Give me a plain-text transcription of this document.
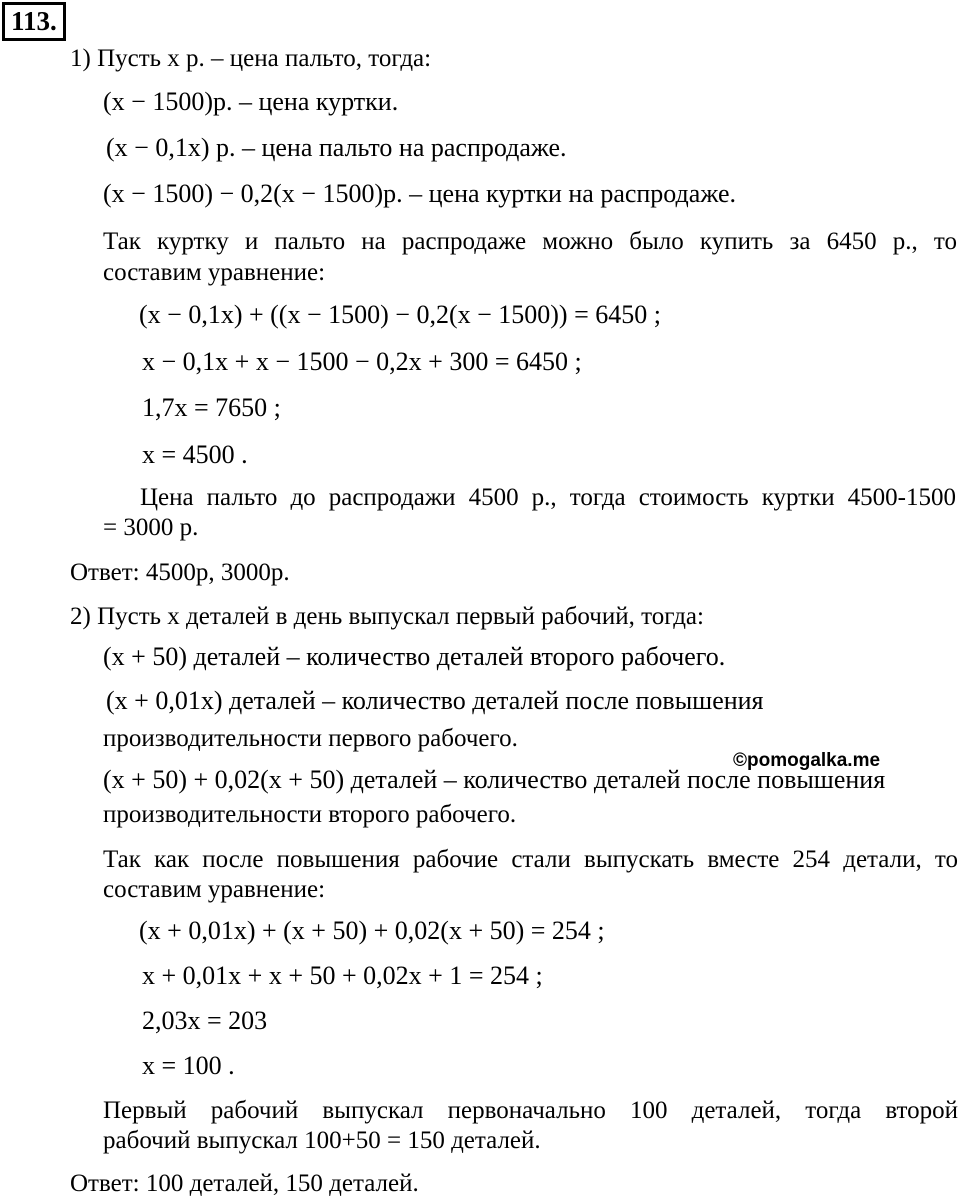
113.
1) Пусть x р. – цена пальто, тогда:
(x − 1500)р. – цена куртки.
(x − 0,1x) р. – цена пальто на распродаже.
(x − 1500) − 0,2(x − 1500)р. – цена куртки на распродаже.
Так куртку и пальто на распродаже можно было купить за 6450 р., то
составим уравнение:
(x − 0,1x) + ((x − 1500) − 0,2(x − 1500)) = 6450 ;
x − 0,1x + x − 1500 − 0,2x + 300 = 6450 ;
1,7x = 7650 ;
x = 4500 .
Цена пальто до распродажи 4500 р., тогда стоимость куртки 4500-1500
= 3000 р.
Ответ: 4500р, 3000р.
2) Пусть x деталей в день выпускал первый рабочий, тогда:
(x + 50) деталей – количество деталей второго рабочего.
(x + 0,01x) деталей – количество деталей после повышения
производительности первого рабочего.
©pomogalka.me
(x + 50) + 0,02(x + 50) деталей – количество деталей после повышения
производительности второго рабочего.
Так как после повышения рабочие стали выпускать вместе 254 детали, то
составим уравнение:
(x + 0,01x) + (x + 50) + 0,02(x + 50) = 254 ;
x + 0,01x + x + 50 + 0,02x + 1 = 254 ;
2,03x = 203
x = 100 .
Первый рабочий выпускал первоначально 100 деталей, тогда второй
рабочий выпускал 100+50 = 150 деталей.
Ответ: 100 деталей, 150 деталей.
